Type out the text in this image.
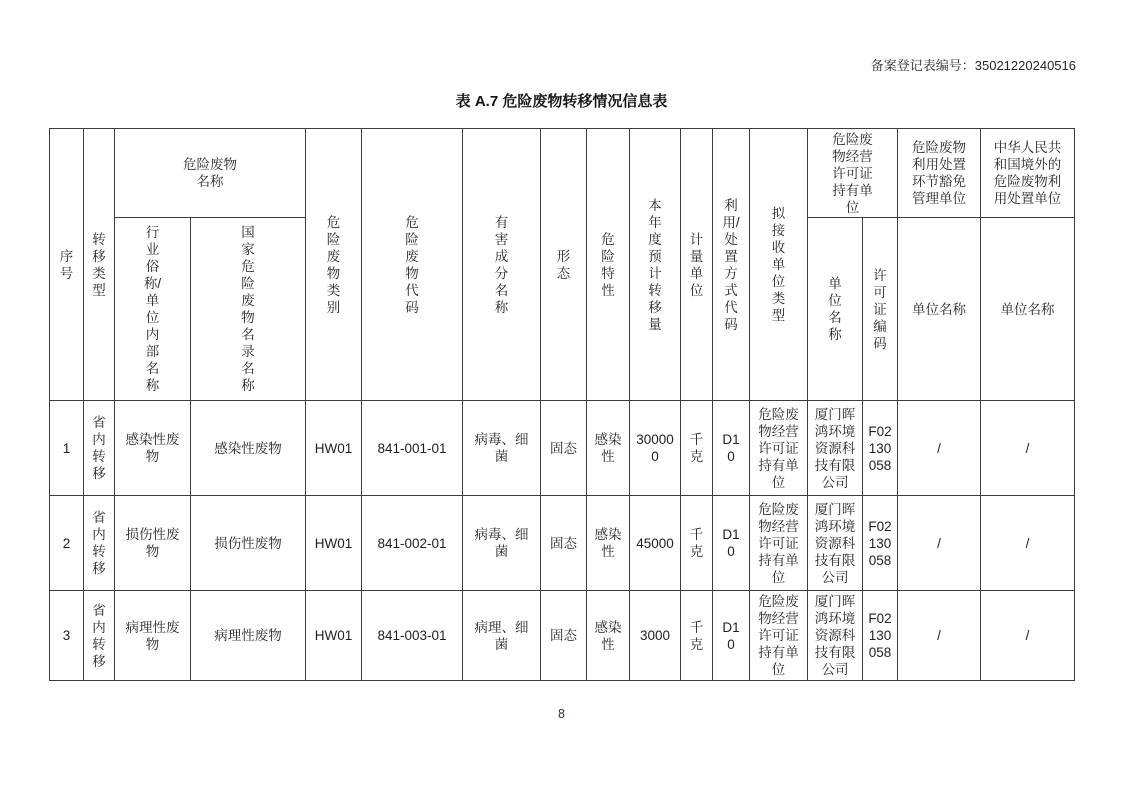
备案登记表编号：35021220240516
表 A.7 危险废物转移情况信息表
序号	转移类型	危险废物名称		危险废物类别	危险废物代码	有害成分名称	形态	危险特性	本年度预计转移量	计量单位	利用/处置方式代码	拟接收单位类型	危险废物经营许可证持有单位		危险废物利用处置环节豁免管理单位	中华人民共和国境外的危险废物利用处置单位
		行业俗称/单位内部名称	国家危险废物名录名称										单位名称	许可证编码	单位名称	单位名称
1	省内转移	感染性废物	感染性废物	HW01	841-001-01	病毒、细菌	固态	感染性	300000	千克	D10	危险废物经营许可证持有单位	厦门晖鸿环境资源科技有限公司	F02130058	/	/
2	省内转移	损伤性废物	损伤性废物	HW01	841-002-01	病毒、细菌	固态	感染性	45000	千克	D10	危险废物经营许可证持有单位	厦门晖鸿环境资源科技有限公司	F02130058	/	/
3	省内转移	病理性废物	病理性废物	HW01	841-003-01	病理、细菌	固态	感染性	3000	千克	D10	危险废物经营许可证持有单位	厦门晖鸿环境资源科技有限公司	F02130058	/	/
8
